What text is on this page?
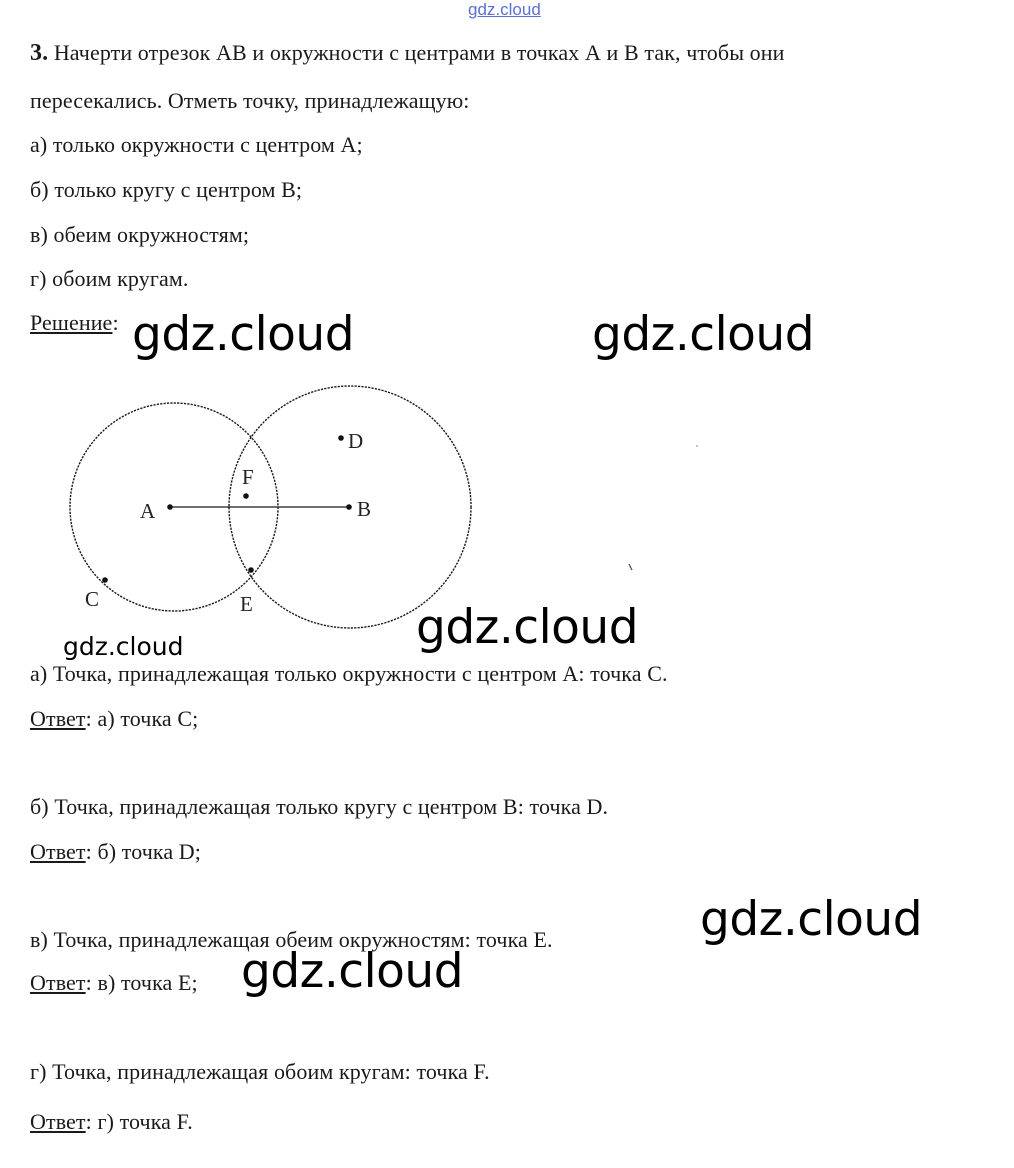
gdz.cloud
3. Начерти отрезок АВ и окружности с центрами в точках А и В так, чтобы они
пересекались. Отметь точку, принадлежащую:
а) только окружности с центром А;
б) только кругу с центром В;
в) обеим окружностям;
г) обоим кругам.
Решение:
A	B
C
D
E
F
а) Точка, принадлежащая только окружности с центром А: точка С.
Ответ: а) точка С;
б) Точка, принадлежащая только кругу с центром В: точка D.
Ответ: б) точка D;
в) Точка, принадлежащая обеим окружностям: точка Е.
Ответ: в) точка Е;
г) Точка, принадлежащая обоим кругам: точка F.
Ответ: г) точка F.
gdz.cloud	gdz.cloud
gdz.cloud
gdz.cloud
gdz.cloud
gdz.cloud
